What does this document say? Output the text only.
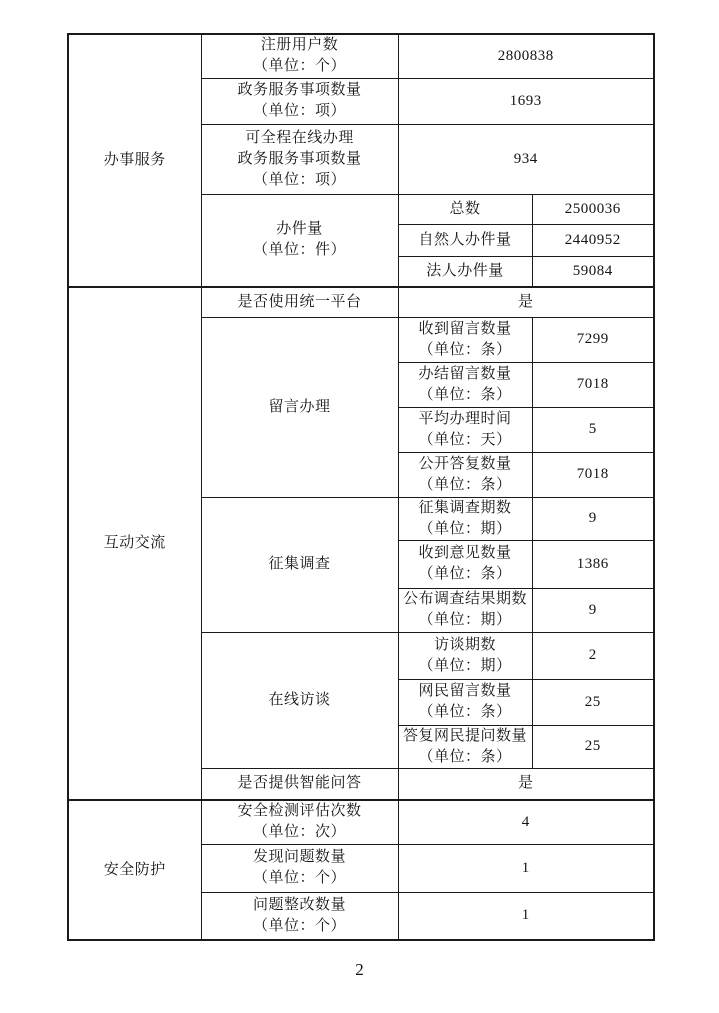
办事服务	注册用户数
（单位：个）	2800838	

	政务服务事项数量
（单位：项）	1693	

	可全程在线办理
政务服务事项数量
（单位：项）	934	

	办件量
（单位：件）	总数	2500036
		自然人办件量	2440952
		法人办件量	59084

互动交流	是否使用统一平台	是	
	留言办理	收到留言数量
（单位：条）	7299

		办结留言数量
（单位：条）	7018

		平均办理时间
（单位：天）	5

		公开答复数量
（单位：条）	7018
	征集调查	征集调查期数
（单位：期）	9

		收到意见数量
（单位：条）	1386

		公布调查结果期数
（单位：期）	9
	在线访谈	访谈期数
（单位：期）	2

		网民留言数量
（单位：条）	25

		答复网民提问数量
（单位：条）	25
	是否提供智能问答	是	

安全防护	安全检测评估次数
（单位：次）	4	

	发现问题数量
（单位：个）	1	

	问题整改数量
（单位：个）	1	
2
